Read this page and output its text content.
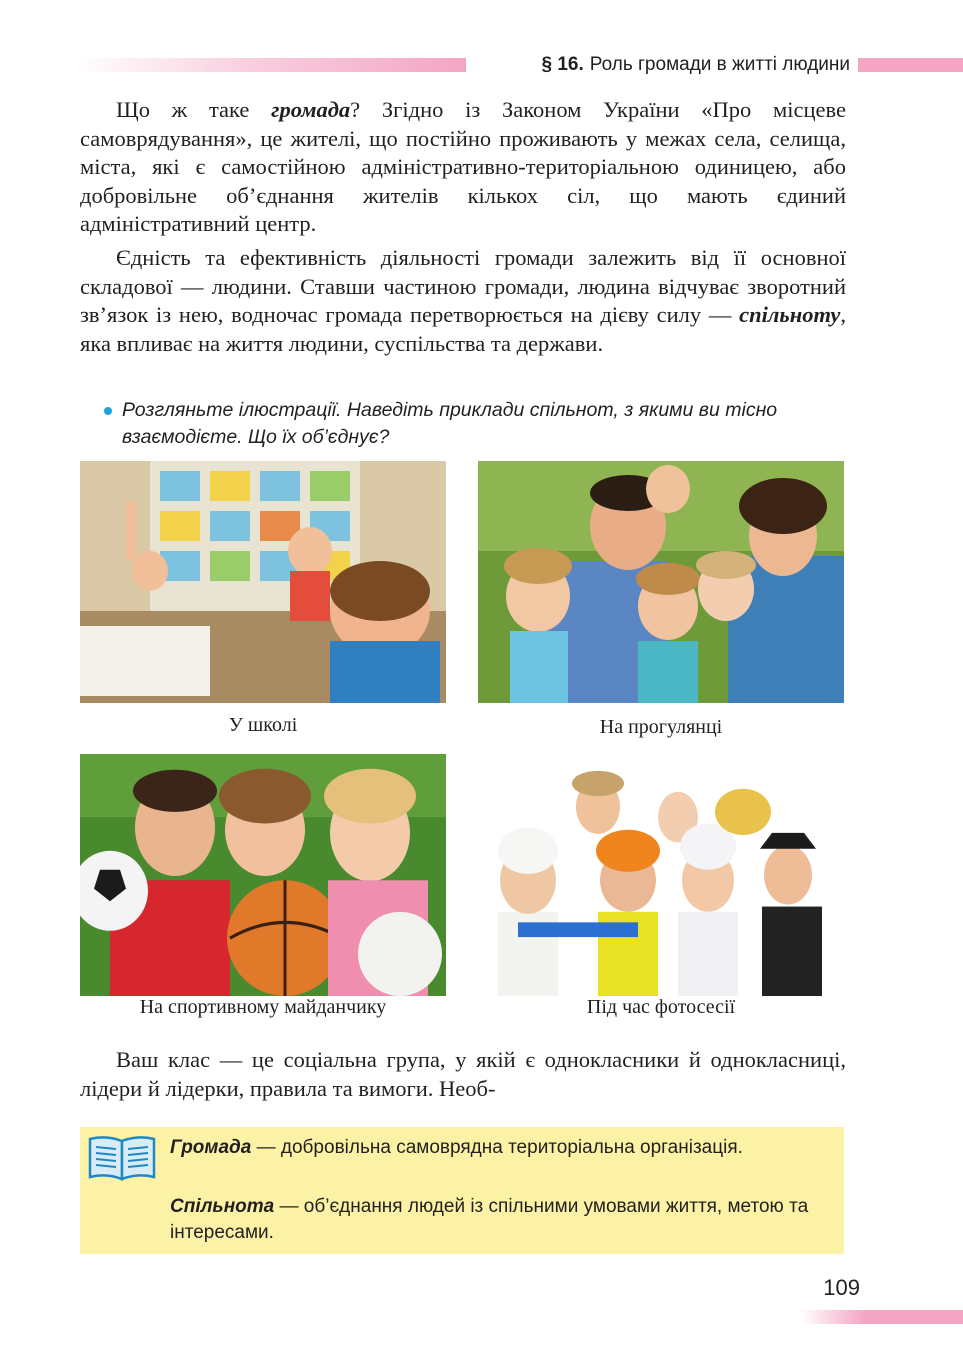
§ 16. Роль громади в житті людини

Що ж таке громада? Згідно із Законом України «Про місцеве самоврядування», це жителі, що постійно проживають у межах села, селища, міста, які є самостійною адміністративно-територіальною одиницею, або добровільне об’єднання жителів кількох сіл, що мають єдиний адміністративний центр.

Єдність та ефективність діяльності громади залежить від її основної складової — людини. Ставши частиною громади, людина відчуває зворотний зв’язок із нею, водночас громада перетворюється на дієву силу — спільноту, яка впливає на життя людини, суспільства та держави.

Розгляньте ілюстрації. Наведіть приклади спільнот, з якими ви тісно взаємодієте. Що їх об’єднує?
У школі	На прогулянці
На спортивному майданчику	Під час фотосесії

Ваш клас — це соціальна група, у якій є однокласники й однокласниці, лідери й лідерки, правила та вимоги. Необ-

Громада — добровільна самоврядна територіальна організація.
Спільнота — об’єднання людей із спільними умовами життя, метою та інтересами.
109
